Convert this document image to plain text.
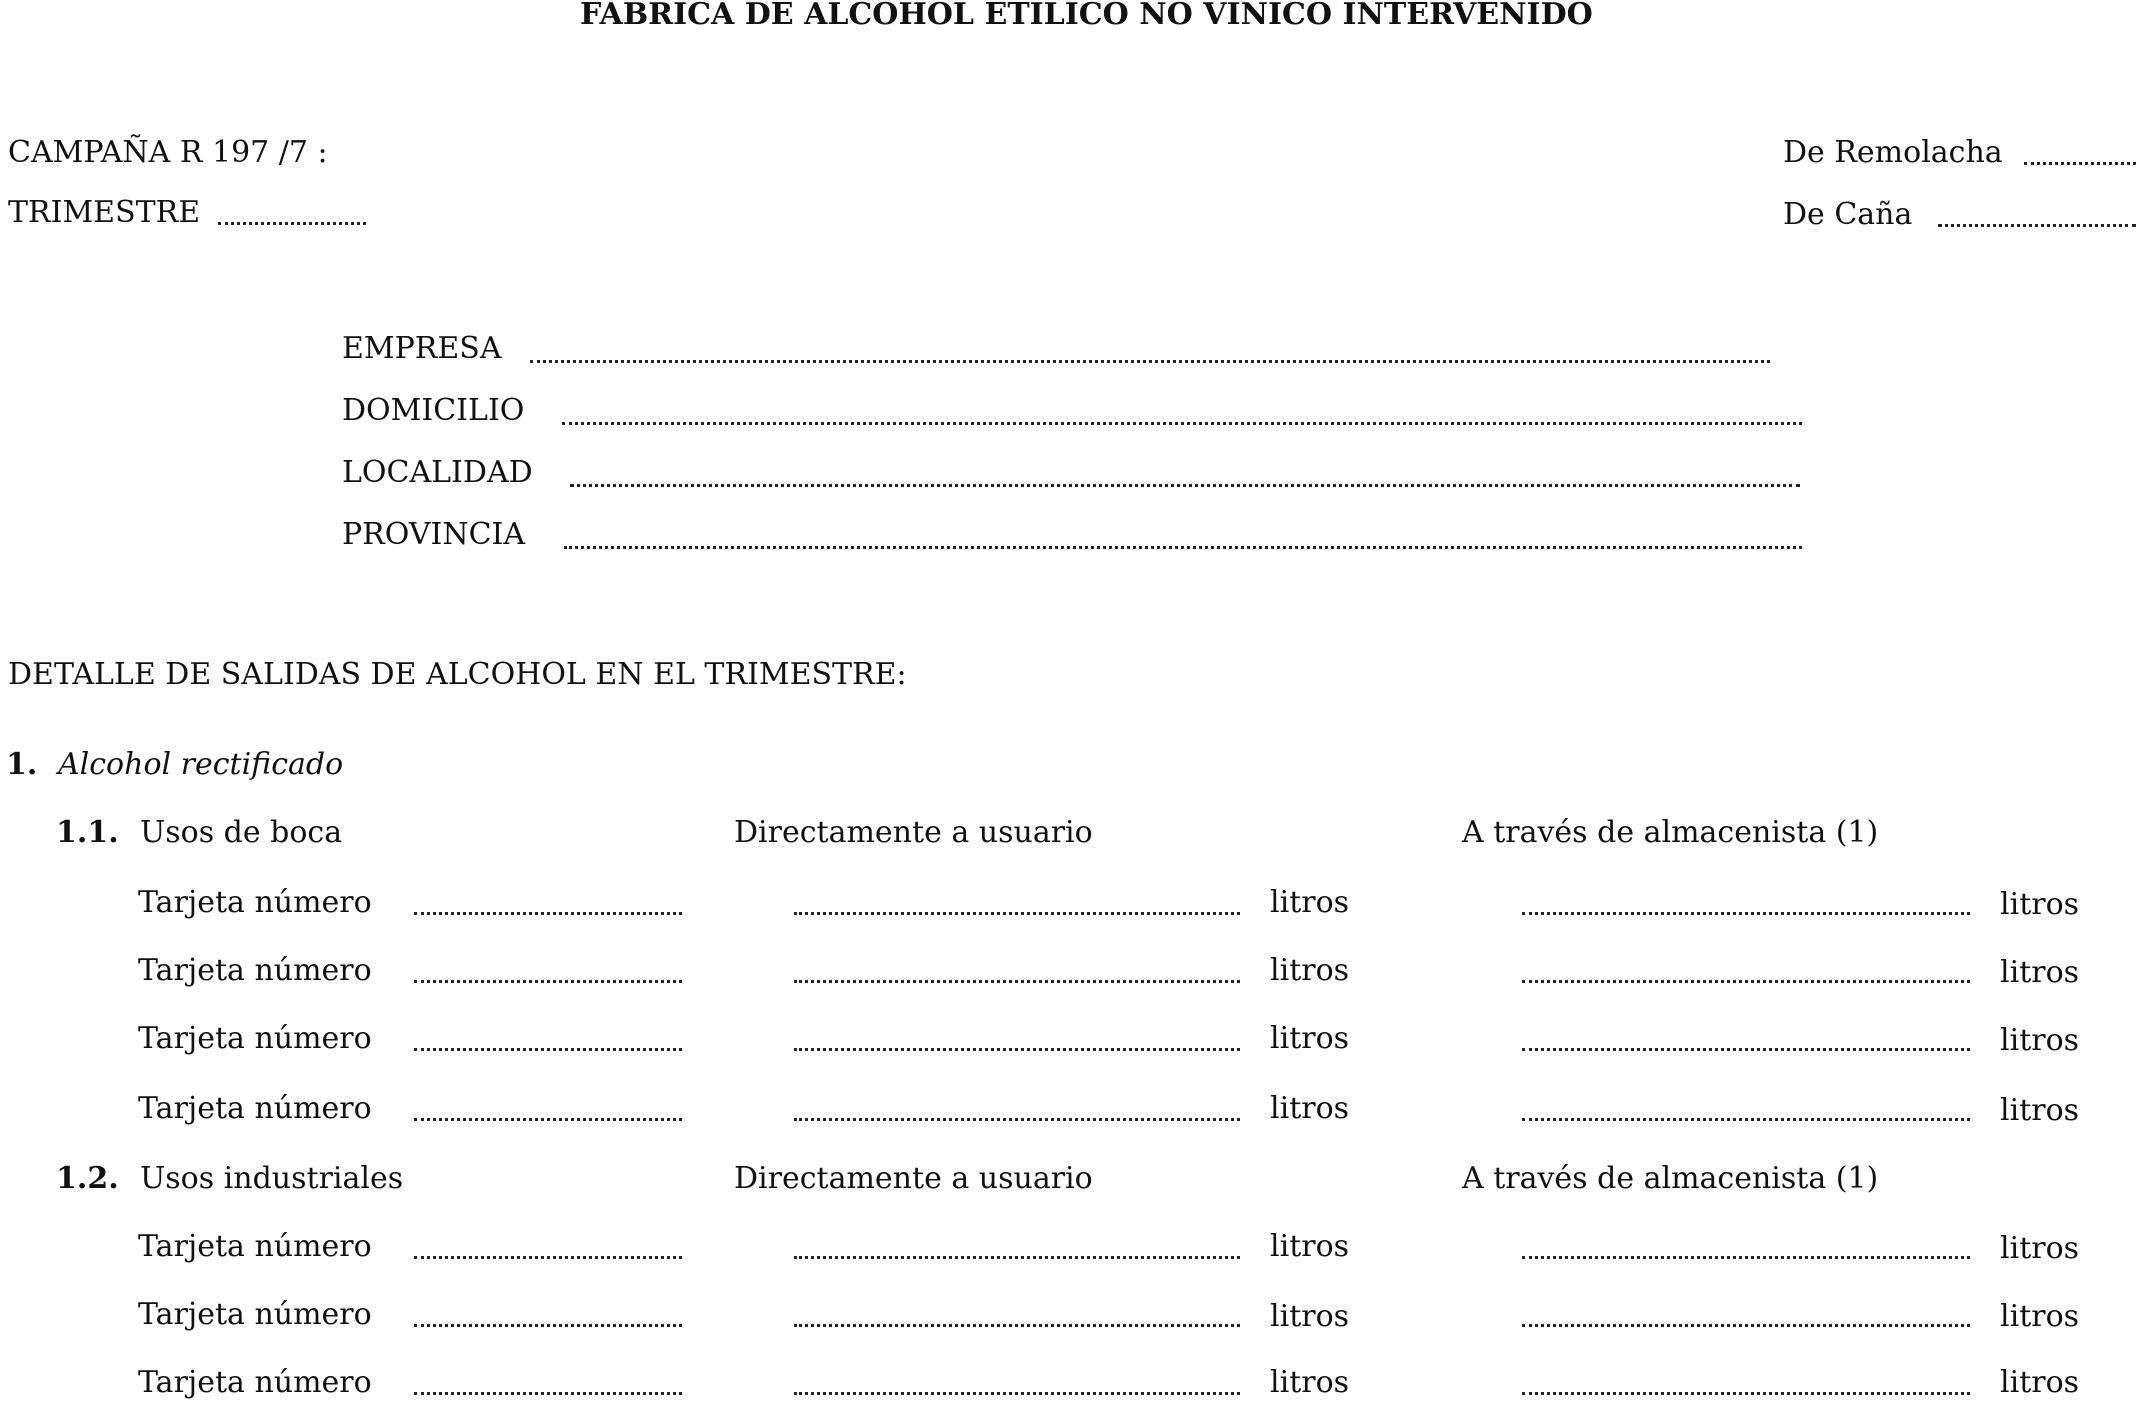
FABRICA DE ALCOHOL ETILICO NO VINICO INTERVENIDO
CAMPAÑA R 197 /7 :
TRIMESTRE
De Remolacha
De Caña
EMPRESA
DOMICILIO
LOCALIDAD
PROVINCIA
DETALLE DE SALIDAS DE ALCOHOL EN EL TRIMESTRE:
1. Alcohol rectificado
1.1. Usos de boca	Directamente a usuario	A través de almacenista (1)
Tarjeta número	litros	litros
Tarjeta número	litros	litros
Tarjeta número	litros	litros
Tarjeta número	litros	litros
1.2. Usos industriales	Directamente a usuario	A través de almacenista (1)
Tarjeta número	litros	litros
Tarjeta número	litros	litros
Tarjeta número	litros	litros
